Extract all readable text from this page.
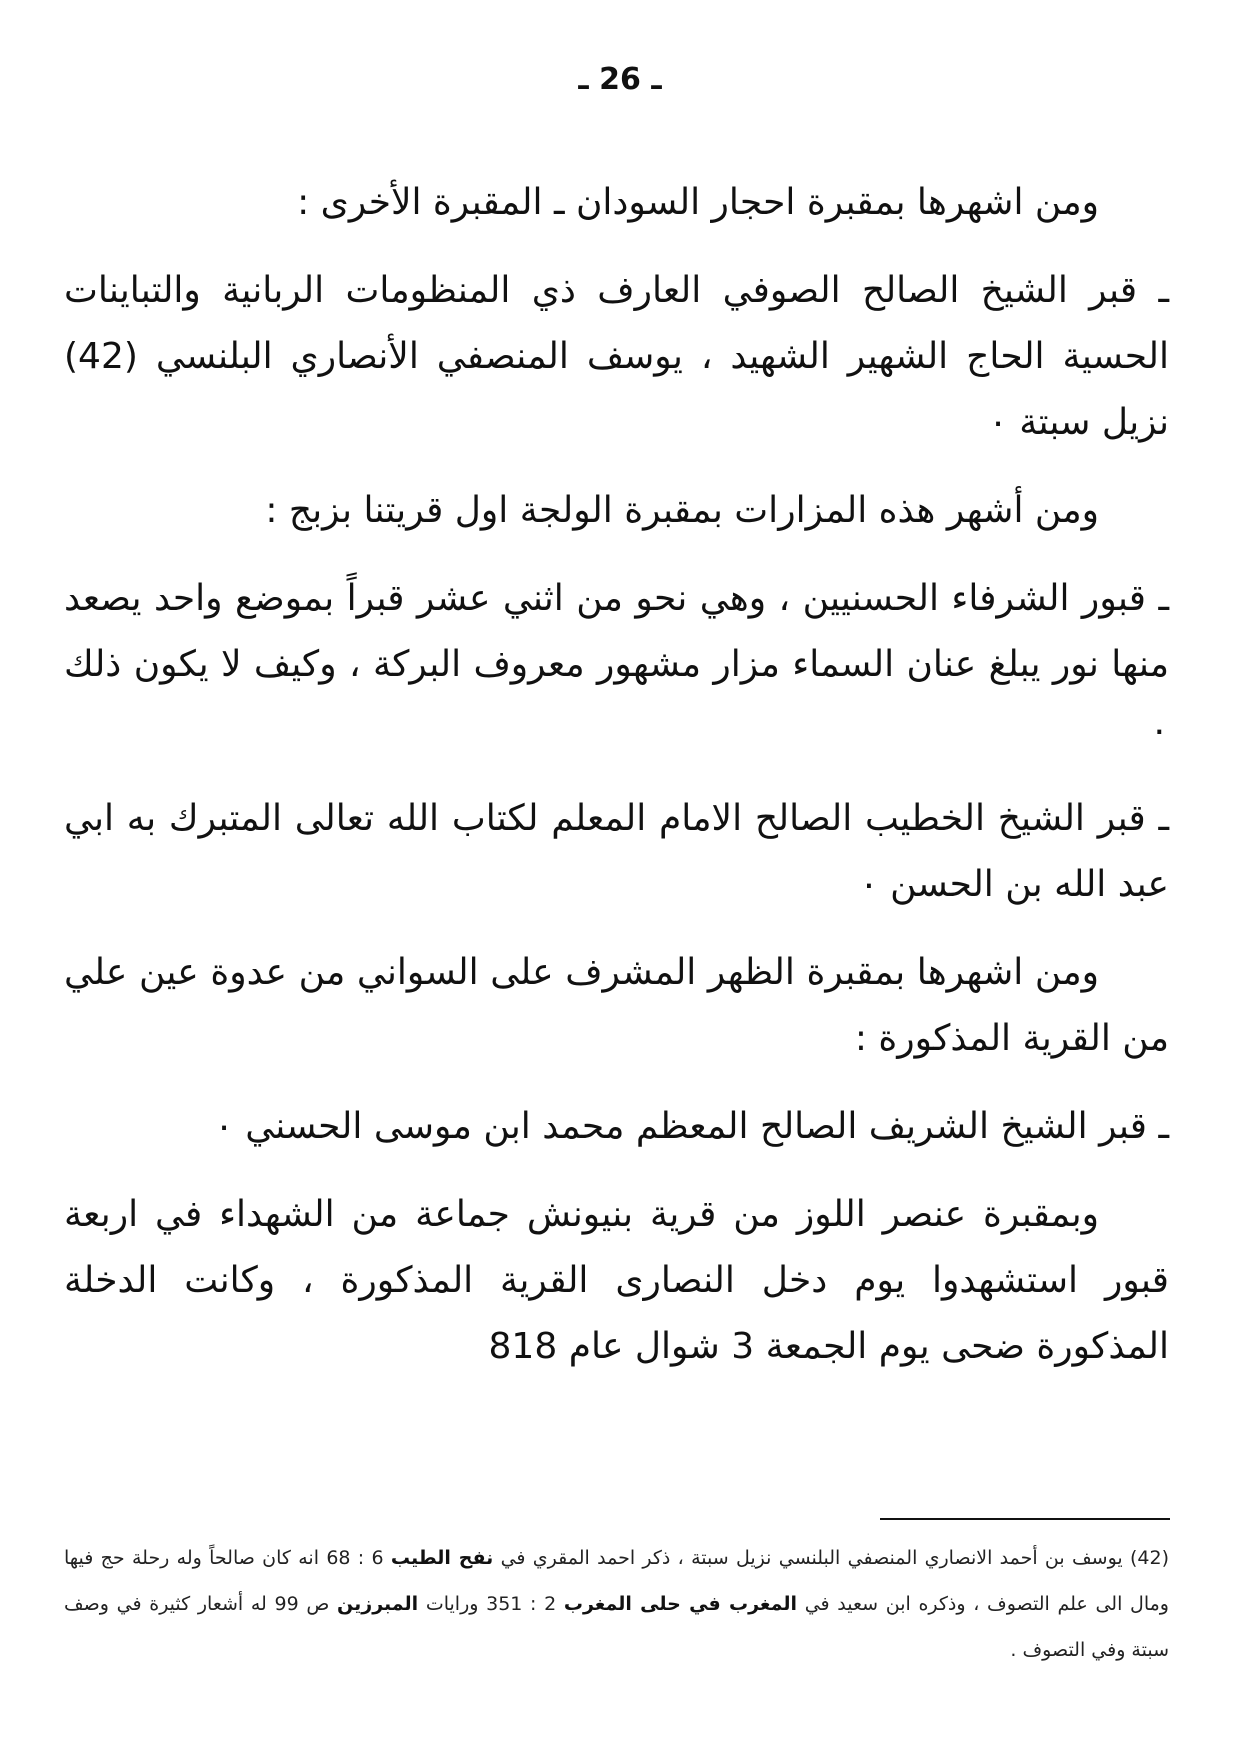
ـ 26 ـ

ومن اشهرها بمقبرة احجار السودان ـ المقبرة الأخرى :

ـ قبر الشيخ الصالح الصوفي العارف ذي المنظومات الربانية والتباينات الحسية الحاج الشهير الشهيد ، يوسف المنصفي الأنصاري البلنسي (42) نزيل سبتة ٠

ومن أشهر هذه المزارات بمقبرة الولجة اول قريتنا بزبج :

ـ قبور الشرفاء الحسنيين ، وهي نحو من اثني عشر قبراً بموضع واحد يصعد منها نور يبلغ عنان السماء مزار مشهور معروف البركة ، وكيف لا يكون ذلك ٠

ـ قبر الشيخ الخطيب الصالح الامام المعلم لكتاب الله تعالى المتبرك به ابي عبد الله بن الحسن ٠

ومن اشهرها بمقبرة الظهر المشرف على السواني من عدوة عين علي من القرية المذكورة :

ـ قبر الشيخ الشريف الصالح المعظم محمد ابن موسى الحسني ٠

وبمقبرة عنصر اللوز من قرية بنيونش جماعة من الشهداء في اربعة قبور استشهدوا يوم دخل النصارى القرية المذكورة ، وكانت الدخلة المذكورة ضحى يوم الجمعة 3 شوال عام 818

(42) يوسف بن أحمد الانصاري المنصفي البلنسي نزيل سبتة ، ذكر احمد المقري في نفح الطيب 6 : 68 انه كان صالحاً وله رحلة حج فيها ومال الى علم التصوف ، وذكره ابن سعيد في المغرب في حلى المغرب 2 : 351 ورايات المبرزين ص 99 له أشعار كثيرة في وصف سبتة وفي التصوف .
